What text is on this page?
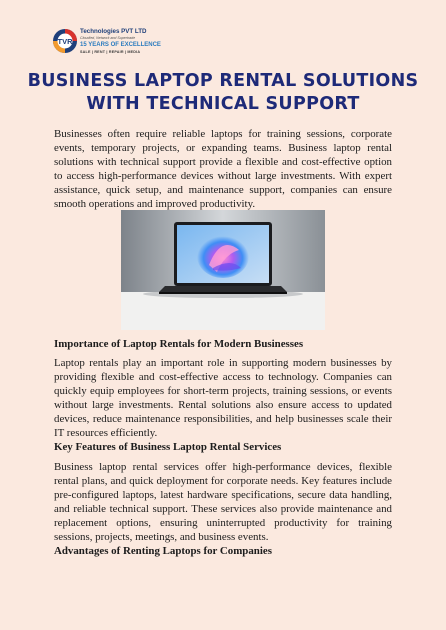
TVR
Technologies PVT LTD
Cloudled, Network and Supertrade
15 YEARS OF EXCELLENCE
SALE | RENT | REPAIR | MEDIA
BUSINESS LAPTOP RENTAL SOLUTIONS WITH TECHNICAL SUPPORT

Businesses often require reliable laptops for training sessions, corporate events, temporary projects, or expanding teams. Business laptop rental solutions with technical support provide a flexible and cost-effective option to access high-performance devices without large investments. With expert assistance, quick setup, and maintenance support, companies can ensure smooth operations and improved productivity.

Importance of Laptop Rentals for Modern Businesses

Laptop rentals play an important role in supporting modern businesses by providing flexible and cost-effective access to technology. Companies can quickly equip employees for short-term projects, training sessions, or events without large investments. Rental solutions also ensure access to updated devices, reduce maintenance responsibilities, and help businesses scale their IT resources efficiently.

Key Features of Business Laptop Rental Services

Business laptop rental services offer high-performance devices, flexible rental plans, and quick deployment for corporate needs. Key features include pre-configured laptops, latest hardware specifications, secure data handling, and reliable technical support. These services also provide maintenance and replacement options, ensuring uninterrupted productivity for training sessions, projects, meetings, and business events.

Advantages of Renting Laptops for Companies
